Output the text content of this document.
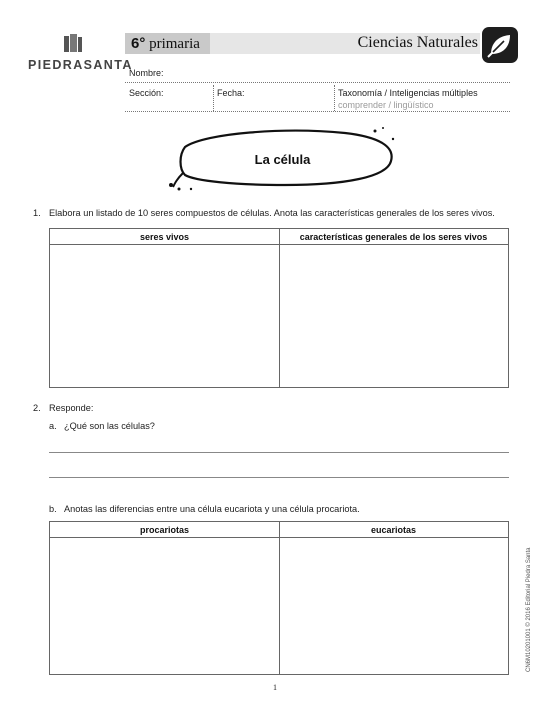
PIEDRASANTA
6° primaria	Ciencias Naturales
Nombre:
Sección:	Fecha:	Taxonomía / Inteligencias múltiples
comprender / lingüístico
La célula
1. Elabora un listado de 10 seres compuestos de células. Anota las características generales de los seres vivos.
seres vivos	características generales de los seres vivos
2. Responde:
a. ¿Qué son las células?
b. Anotas las diferencias entre una célula eucariota y una célula procariota.
procariotas	eucariotas
CN6M10201001 © 2016 Editorial Piedra Santa
1
